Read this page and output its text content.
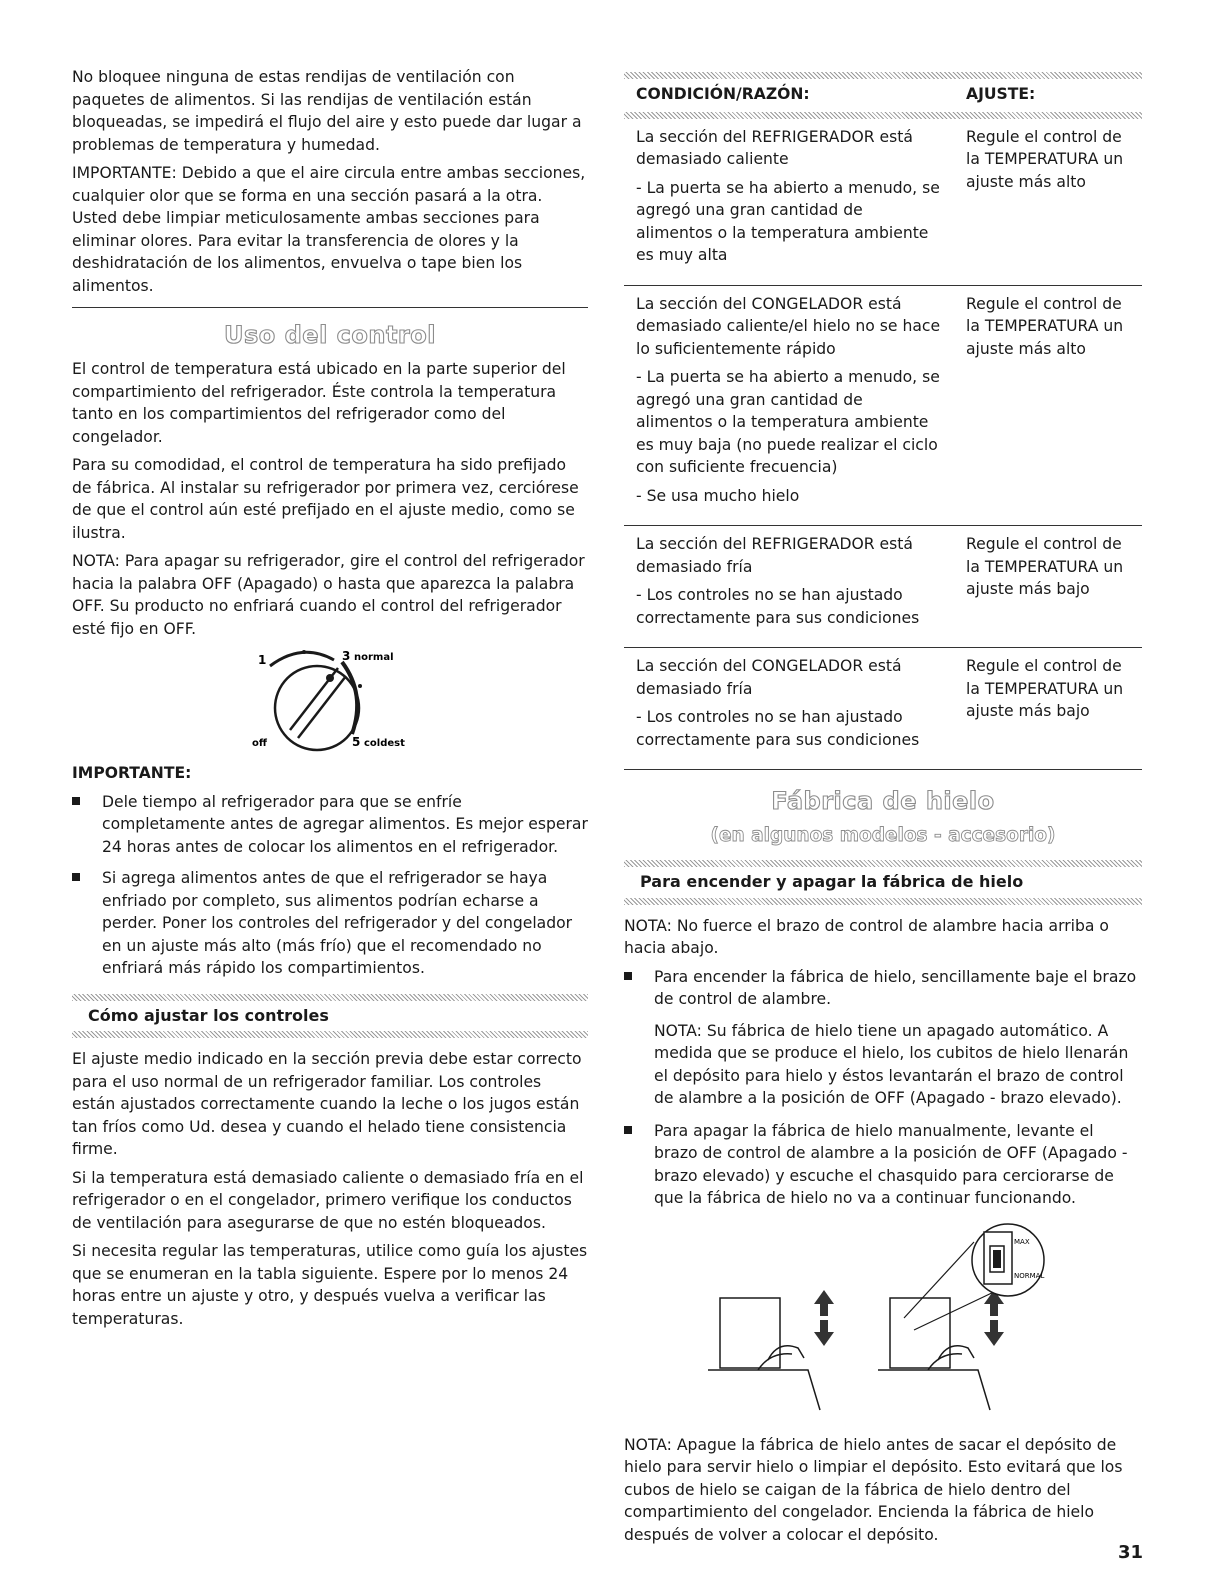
No bloquee ninguna de estas rendijas de ventilación con paquetes de alimentos. Si las rendijas de ventilación están bloqueadas, se impedirá el flujo del aire y esto puede dar lugar a problemas de temperatura y humedad.

IMPORTANTE: Debido a que el aire circula entre ambas secciones, cualquier olor que se forma en una sección pasará a la otra. Usted debe limpiar meticulosamente ambas secciones para eliminar olores. Para evitar la transferencia de olores y la deshidratación de los alimentos, envuelva o tape bien los alimentos.

Uso del control

El control de temperatura está ubicado en la parte superior del compartimiento del refrigerador. Éste controla la temperatura tanto en los compartimientos del refrigerador como del congelador.

Para su comodidad, el control de temperatura ha sido prefijado de fábrica. Al instalar su refrigerador por primera vez, cerciórese de que el control aún esté prefijado en el ajuste medio, como se ilustra.

NOTA: Para apagar su refrigerador, gire el control del refrigerador hacia la palabra OFF (Apagado) o hasta que aparezca la palabra OFF. Su producto no enfriará cuando el control del refrigerador esté fijo en OFF.

1	3 normal
off	5 coldest

IMPORTANTE:

Dele tiempo al refrigerador para que se enfríe completamente antes de agregar alimentos. Es mejor esperar 24 horas antes de colocar los alimentos en el refrigerador.
Si agrega alimentos antes de que el refrigerador se haya enfriado por completo, sus alimentos podrían echarse a perder. Poner los controles del refrigerador y del congelador en un ajuste más alto (más frío) que el recomendado no enfriará más rápido los compartimientos.
Cómo ajustar los controles

El ajuste medio indicado en la sección previa debe estar correcto para el uso normal de un refrigerador familiar. Los controles están ajustados correctamente cuando la leche o los jugos están tan fríos como Ud. desea y cuando el helado tiene consistencia firme.

Si la temperatura está demasiado caliente o demasiado fría en el refrigerador o en el congelador, primero verifique los conductos de ventilación para asegurarse de que no estén bloqueados.

Si necesita regular las temperaturas, utilice como guía los ajustes que se enumeran en la tabla siguiente. Espere por lo menos 24 horas entre un ajuste y otro, y después vuelva a verificar las temperaturas.

CONDICIÓN/RAZÓN:	AJUSTE:

La sección del REFRIGERADOR está demasiado caliente

- La puerta se ha abierto a menudo, se agregó una gran cantidad de alimentos o la temperatura ambiente es muy alta	Regule el control de la TEMPERATURA un ajuste más alto

La sección del CONGELADOR está demasiado caliente/el hielo no se hace lo suficientemente rápido

- La puerta se ha abierto a menudo, se agregó una gran cantidad de alimentos o la temperatura ambiente es muy baja (no puede realizar el ciclo con suficiente frecuencia)

- Se usa mucho hielo	Regule el control de la TEMPERATURA un ajuste más alto

La sección del REFRIGERADOR está demasiado fría

- Los controles no se han ajustado correctamente para sus condiciones	Regule el control de la TEMPERATURA un ajuste más bajo

La sección del CONGELADOR está demasiado fría

- Los controles no se han ajustado correctamente para sus condiciones	Regule el control de la TEMPERATURA un ajuste más bajo
Fábrica de hielo
(en algunos modelos - accesorio)
Para encender y apagar la fábrica de hielo

NOTA: No fuerce el brazo de control de alambre hacia arriba o hacia abajo.

Para encender la fábrica de hielo, sencillamente baje el brazo de control de alambre.

NOTA: Su fábrica de hielo tiene un apagado automático. A medida que se produce el hielo, los cubitos de hielo llenarán el depósito para hielo y éstos levantarán el brazo de control de alambre a la posición de OFF (Apagado - brazo elevado).

Para apagar la fábrica de hielo manualmente, levante el brazo de control de alambre a la posición de OFF (Apagado - brazo elevado) y escuche el chasquido para cerciorarse de que la fábrica de hielo no va a continuar funcionando.
MAX
NORMAL

NOTA: Apague la fábrica de hielo antes de sacar el depósito de hielo para servir hielo o limpiar el depósito. Esto evitará que los cubos de hielo se caigan de la fábrica de hielo dentro del compartimiento del congelador. Encienda la fábrica de hielo después de volver a colocar el depósito.

31
